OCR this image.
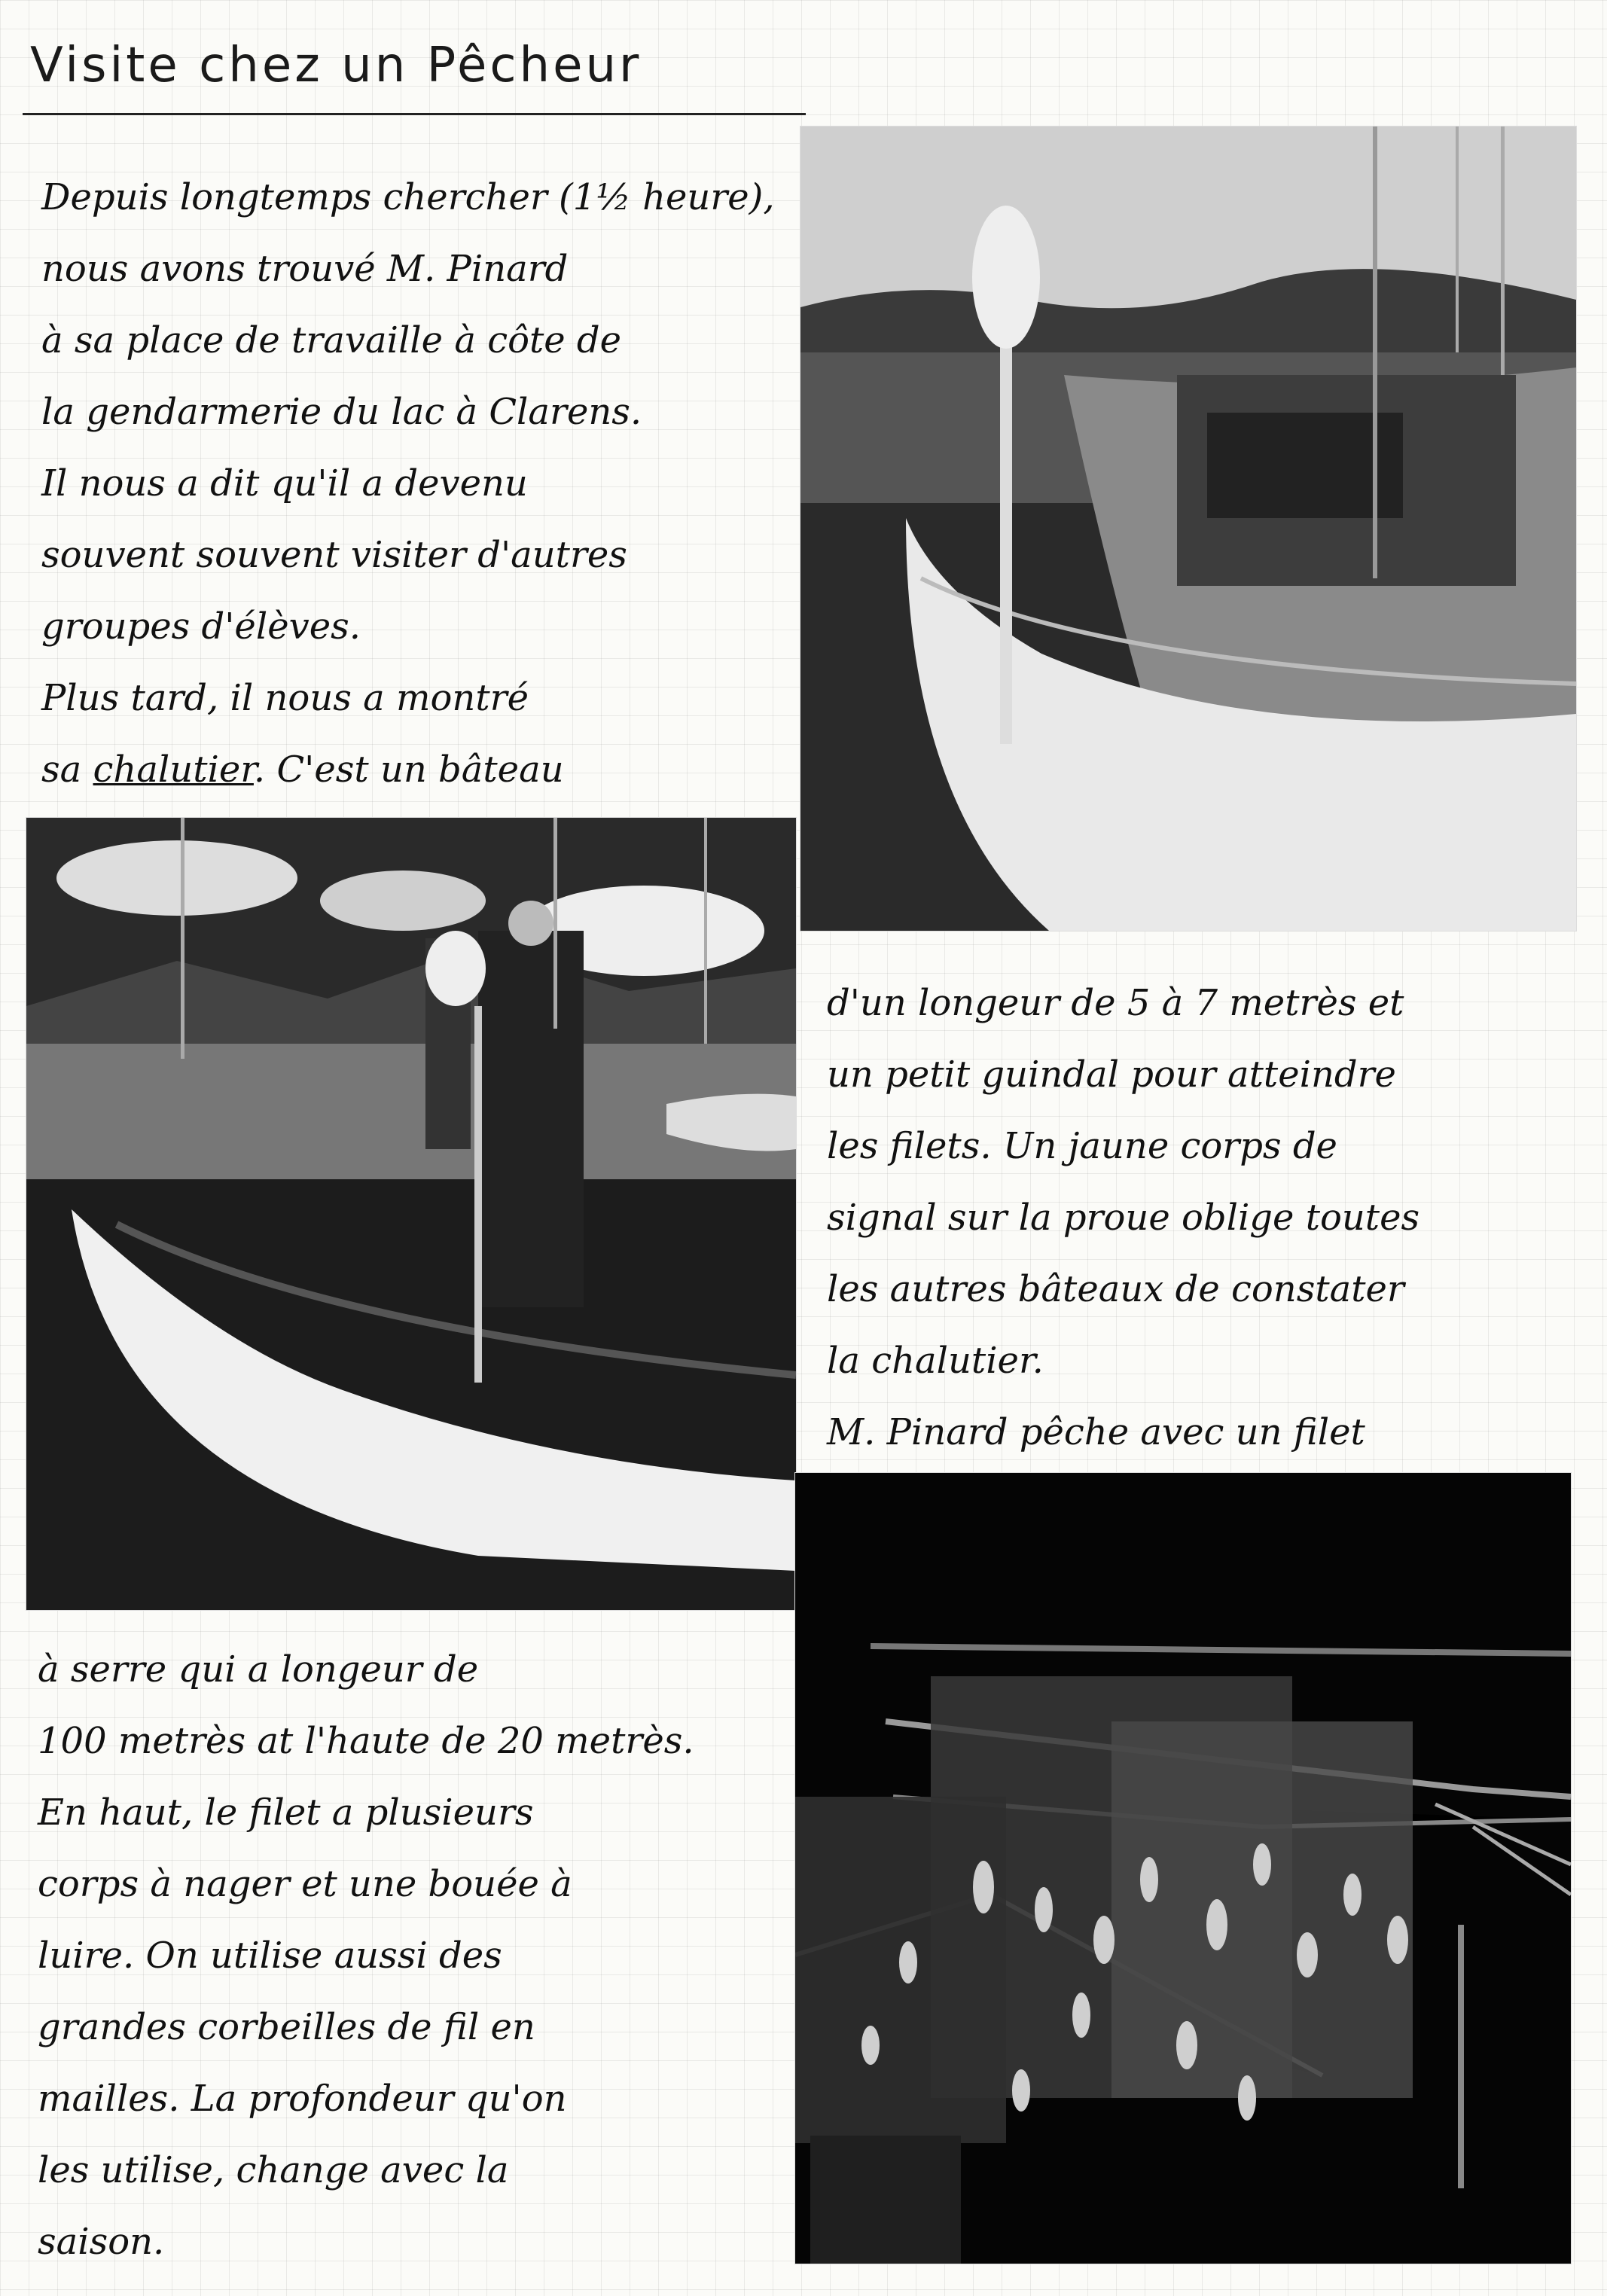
Visite chez un Pêcheur
Depuis longtemps chercher (1½ heure),
nous avons trouvé M. Pinard
à sa place de travaille à côte de
la gendarmerie du lac à Clarens.
Il nous a dit qu'il a devenu
souvent souvent visiter d'autres
groupes d'élèves.
Plus tard, il nous a montré
sa chalutier. C'est un bâteau
d'un longeur de 5 à 7 metrès et
un petit guindal pour atteindre
les filets. Un jaune corps de
signal sur la proue oblige toutes
les autres bâteaux de constater
la chalutier.
M. Pinard pêche avec un filet
à serre qui a longeur de
100 metrès at l'haute de 20 metrès.
En haut, le filet a plusieurs
corps à nager et une bouée à
luire. On utilise aussi des
grandes corbeilles de fil en
mailles. La profondeur qu'on
les utilise, change avec la
saison.
